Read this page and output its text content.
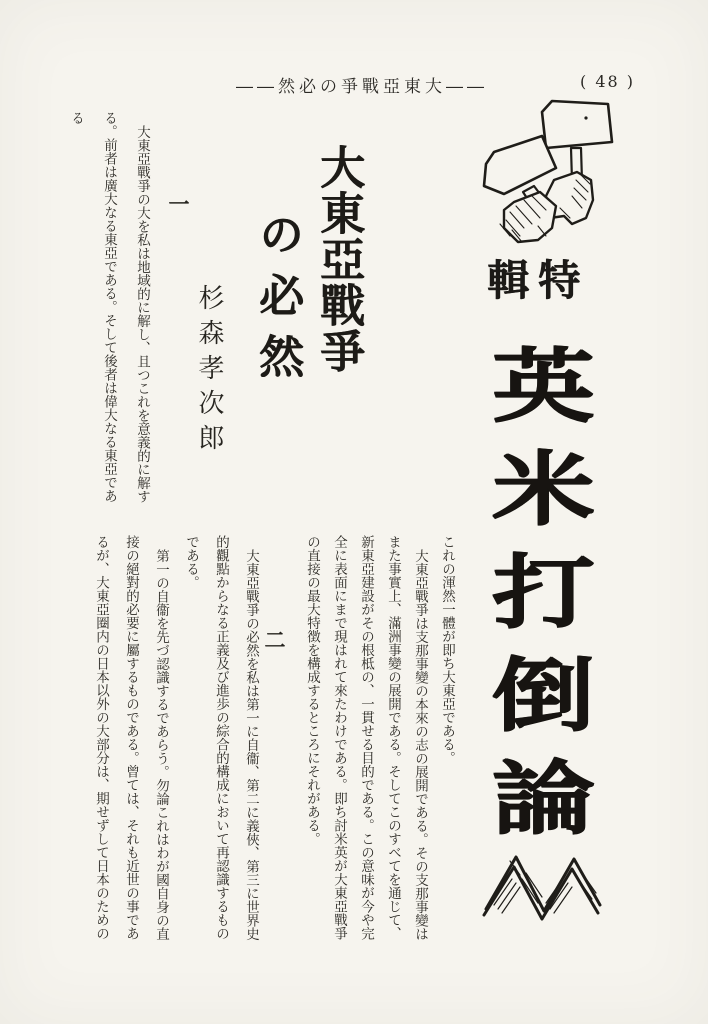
――然必の爭戰亞東大――	( 48 )
輯特
英
米
打
倒
論
大東亞戰爭
の必然
杉森孝次郎
一
二

大東亞戰爭の大を私は地域的に解し、且つこれを意義的に解す

る。前者は廣大なる東亞である。そして後者は偉大なる東亞である

これの渾然一體が即ち大東亞である。

大東亞戰爭は支那事變の本來の志の展開である。その支那事變は

また事實上、滿洲事變の展開である。そしてこのすべてを通じて、

新東亞建設がその根柢の、一貫せる目的である。この意味が今や完

全に表面にまで現はれて來たわけである。即ち討米英が大東亞戰爭

の直接の最大特徴を構成するところにそれがある。

大東亞戰爭の必然を私は第一に自衞、第二に義俠、第三に世界史

的觀點からなる正義及び進歩の綜合的構成において再認識するもの

である。

第一の自衞を先づ認識するであらう。勿論これはわが國自身の直

接の絕對的必要に屬するものである。曾ては、それも近世の事であ

るが、大東亞圈内の日本以外の大部分は、期せずして日本のための
